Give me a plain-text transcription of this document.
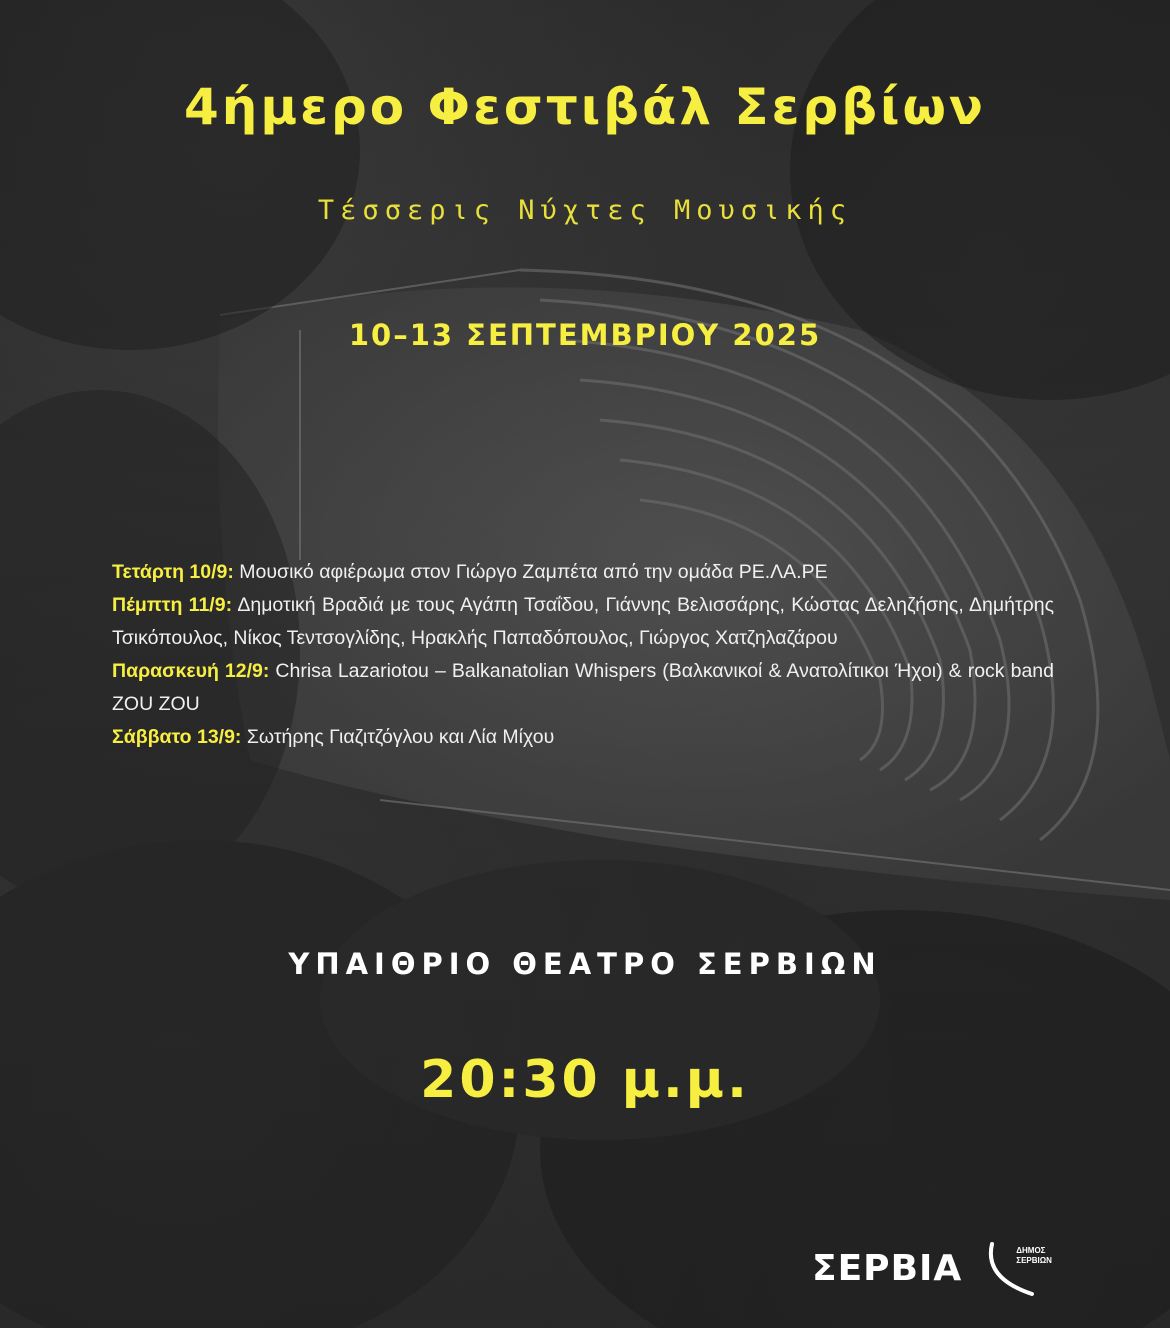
4ήμερο Φεστιβάλ Σερβίων
Τέσσερις Νύχτες Μουσικής
10–13 ΣΕΠΤΕΜΒΡΙΟΥ 2025

Τετάρτη 10/9: Μουσικό αφιέρωμα στον Γιώργο Ζαμπέτα από την ομάδα ΡΕ.ΛΑ.ΡΕ

Πέμπτη 11/9: Δημοτική Βραδιά με τους Αγάπη Τσαΐδου, Γιάννης Βελισσάρης, Κώστας Δεληζήσης, Δημήτρης Τσικόπουλος, Νίκος Τεντσογλίδης, Ηρακλής Παπαδόπουλος, Γιώργος Χατζηλαζάρου

Παρασκευή 12/9: Chrisa Lazariotou – Balkanatolian Whispers (Βαλκανικοί & Ανατολίτικοι Ήχοι) & rock band ZOU ZOU

Σάββατο 13/9: Σωτήρης Γιαζιτζόγλου και Λία Μίχου

ΥΠΑΙΘΡΙΟ ΘΕΑΤΡΟ ΣΕΡΒΙΩΝ
20:30 μ.μ.
ΣΕΡΒΙΑ	ΔΗΜΟΣ
ΣΕΡΒΙΩΝ
